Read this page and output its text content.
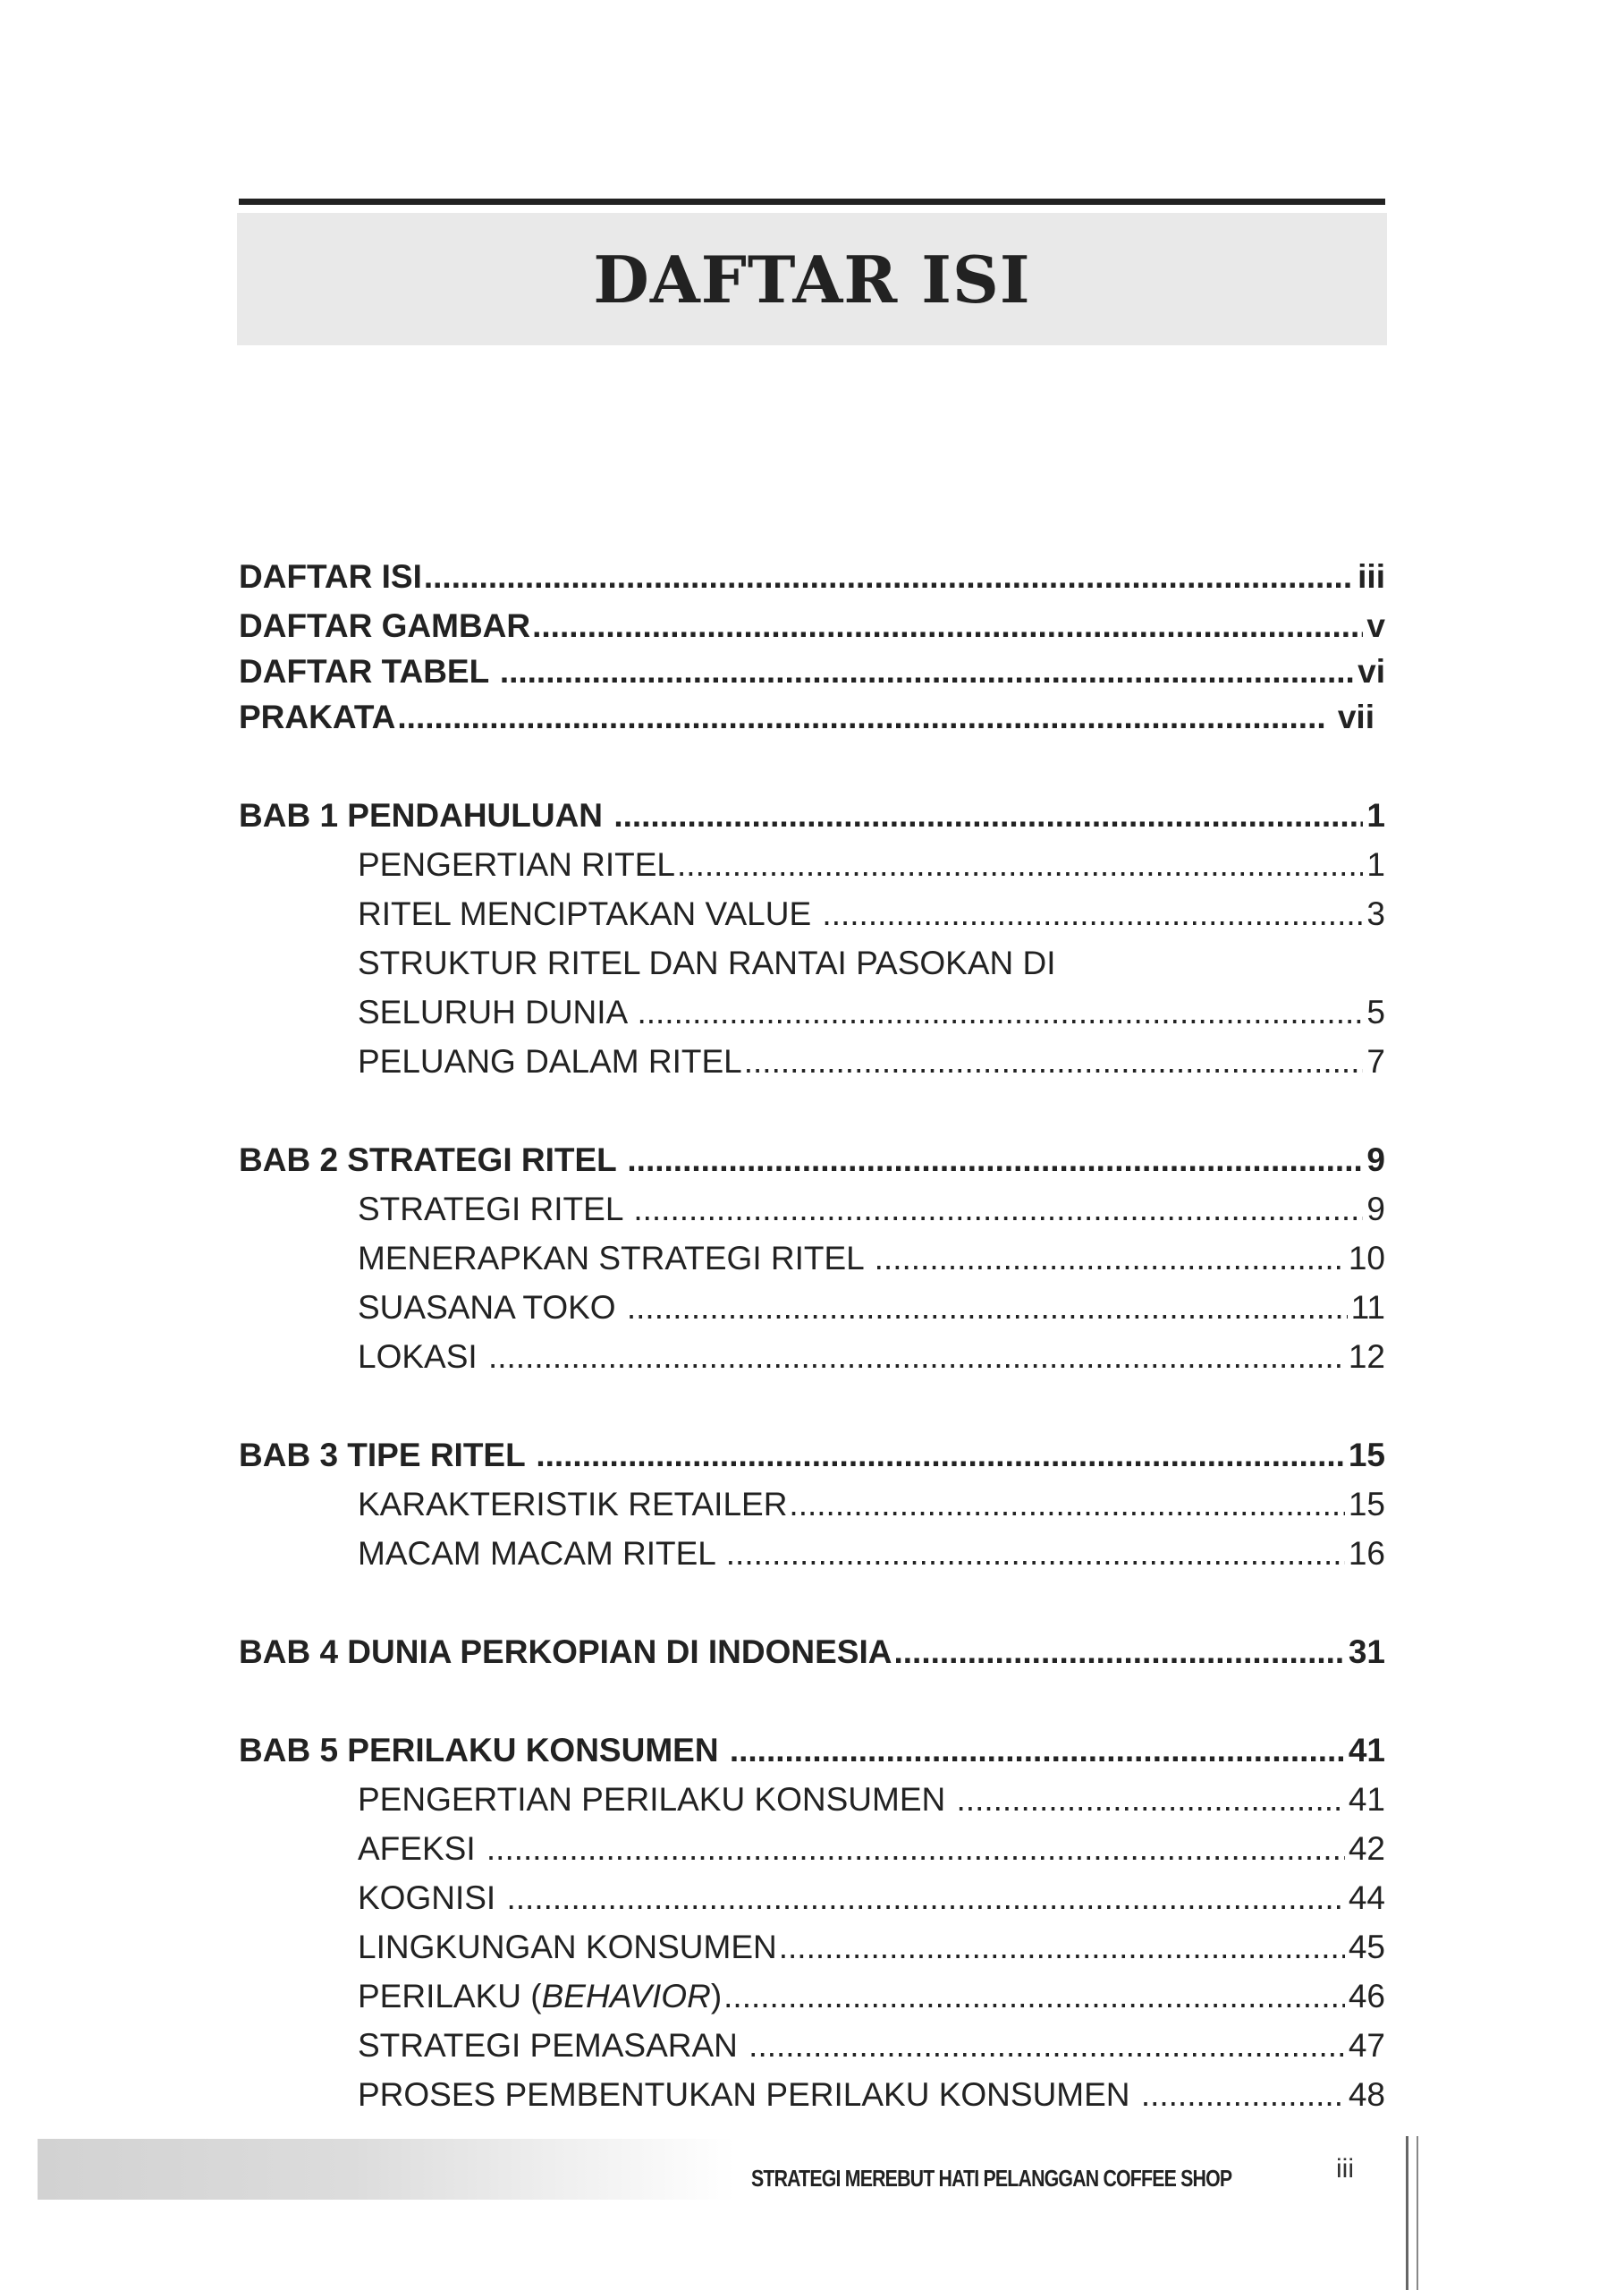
DAFTAR ISI
DAFTAR ISI .....	iii
DAFTAR GAMBAR .....	v
DAFTAR TABEL .....	vi
PRAKATA .....	vii
BAB 1 PENDAHULUAN .....	1
PENGERTIAN RITEL .....	1
RITEL MENCIPTAKAN VALUE .....	3
STRUKTUR RITEL DAN RANTAI PASOKAN DI
SELURUH DUNIA .....	5
PELUANG DALAM RITEL .....	7
BAB 2 STRATEGI RITEL .....	9
STRATEGI RITEL .....	9
MENERAPKAN STRATEGI RITEL .....	10
SUASANA TOKO .....	11
LOKASI .....	12
BAB 3 TIPE RITEL .....	15
KARAKTERISTIK RETAILER .....	15
MACAM MACAM RITEL .....	16
BAB 4 DUNIA PERKOPIAN DI INDONESIA .....	31
BAB 5 PERILAKU KONSUMEN .....	41
PENGERTIAN PERILAKU KONSUMEN .....	41
AFEKSI .....	42
KOGNISI .....	44
LINGKUNGAN KONSUMEN .....	45
PERILAKU (BEHAVIOR) .....	46
STRATEGI PEMASARAN .....	47
PROSES PEMBENTUKAN PERILAKU KONSUMEN .....	48
STRATEGI MEREBUT HATI PELANGGAN COFFEE SHOP	iii
